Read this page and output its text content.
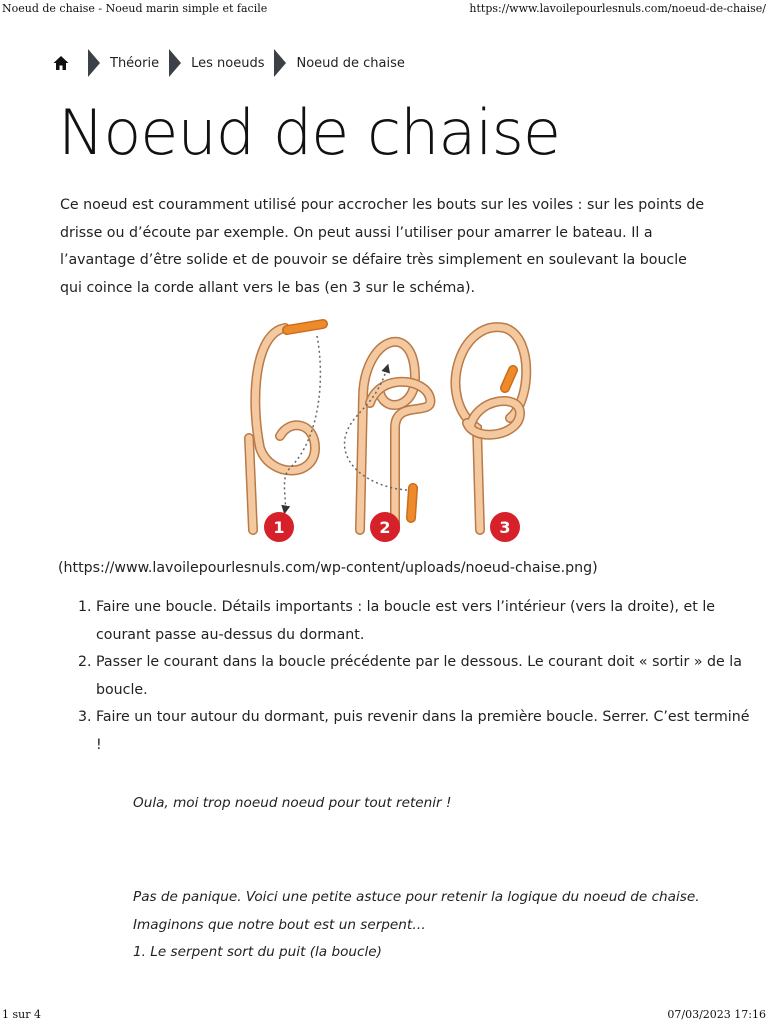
Noeud de chaise - Noeud marin simple et facile	https://www.lavoilepourlesnuls.com/noeud-de-chaise/
Théorie Les noeuds Noeud de chaise
Noeud de chaise

Ce noeud est couramment utilisé pour accrocher les bouts sur les voiles : sur les points de drisse ou d’écoute par exemple. On peut aussi l’utiliser pour amarrer le bateau. Il a l’avantage d’être solide et de pouvoir se défaire très simplement en soulevant la boucle qui coince la corde allant vers le bas (en 3 sur le schéma).

1	2	3

(https://www.lavoilepourlesnuls.com/wp-content/uploads/noeud-chaise.png)

1. Faire une boucle. Détails importants : la boucle est vers l’intérieur (vers la droite), et le courant passe au-dessus du dormant.
2. Passer le courant dans la boucle précédente par le dessous. Le courant doit « sortir » de la boucle.
3. Faire un tour autour du dormant, puis revenir dans la première boucle. Serrer. C’est terminé !

Oula, moi trop noeud noeud pour tout retenir !

Pas de panique. Voici une petite astuce pour retenir la logique du noeud de chaise.
Imaginons que notre bout est un serpent…
1. Le serpent sort du puit (la boucle)
1 sur 4	07/03/2023 17:16
